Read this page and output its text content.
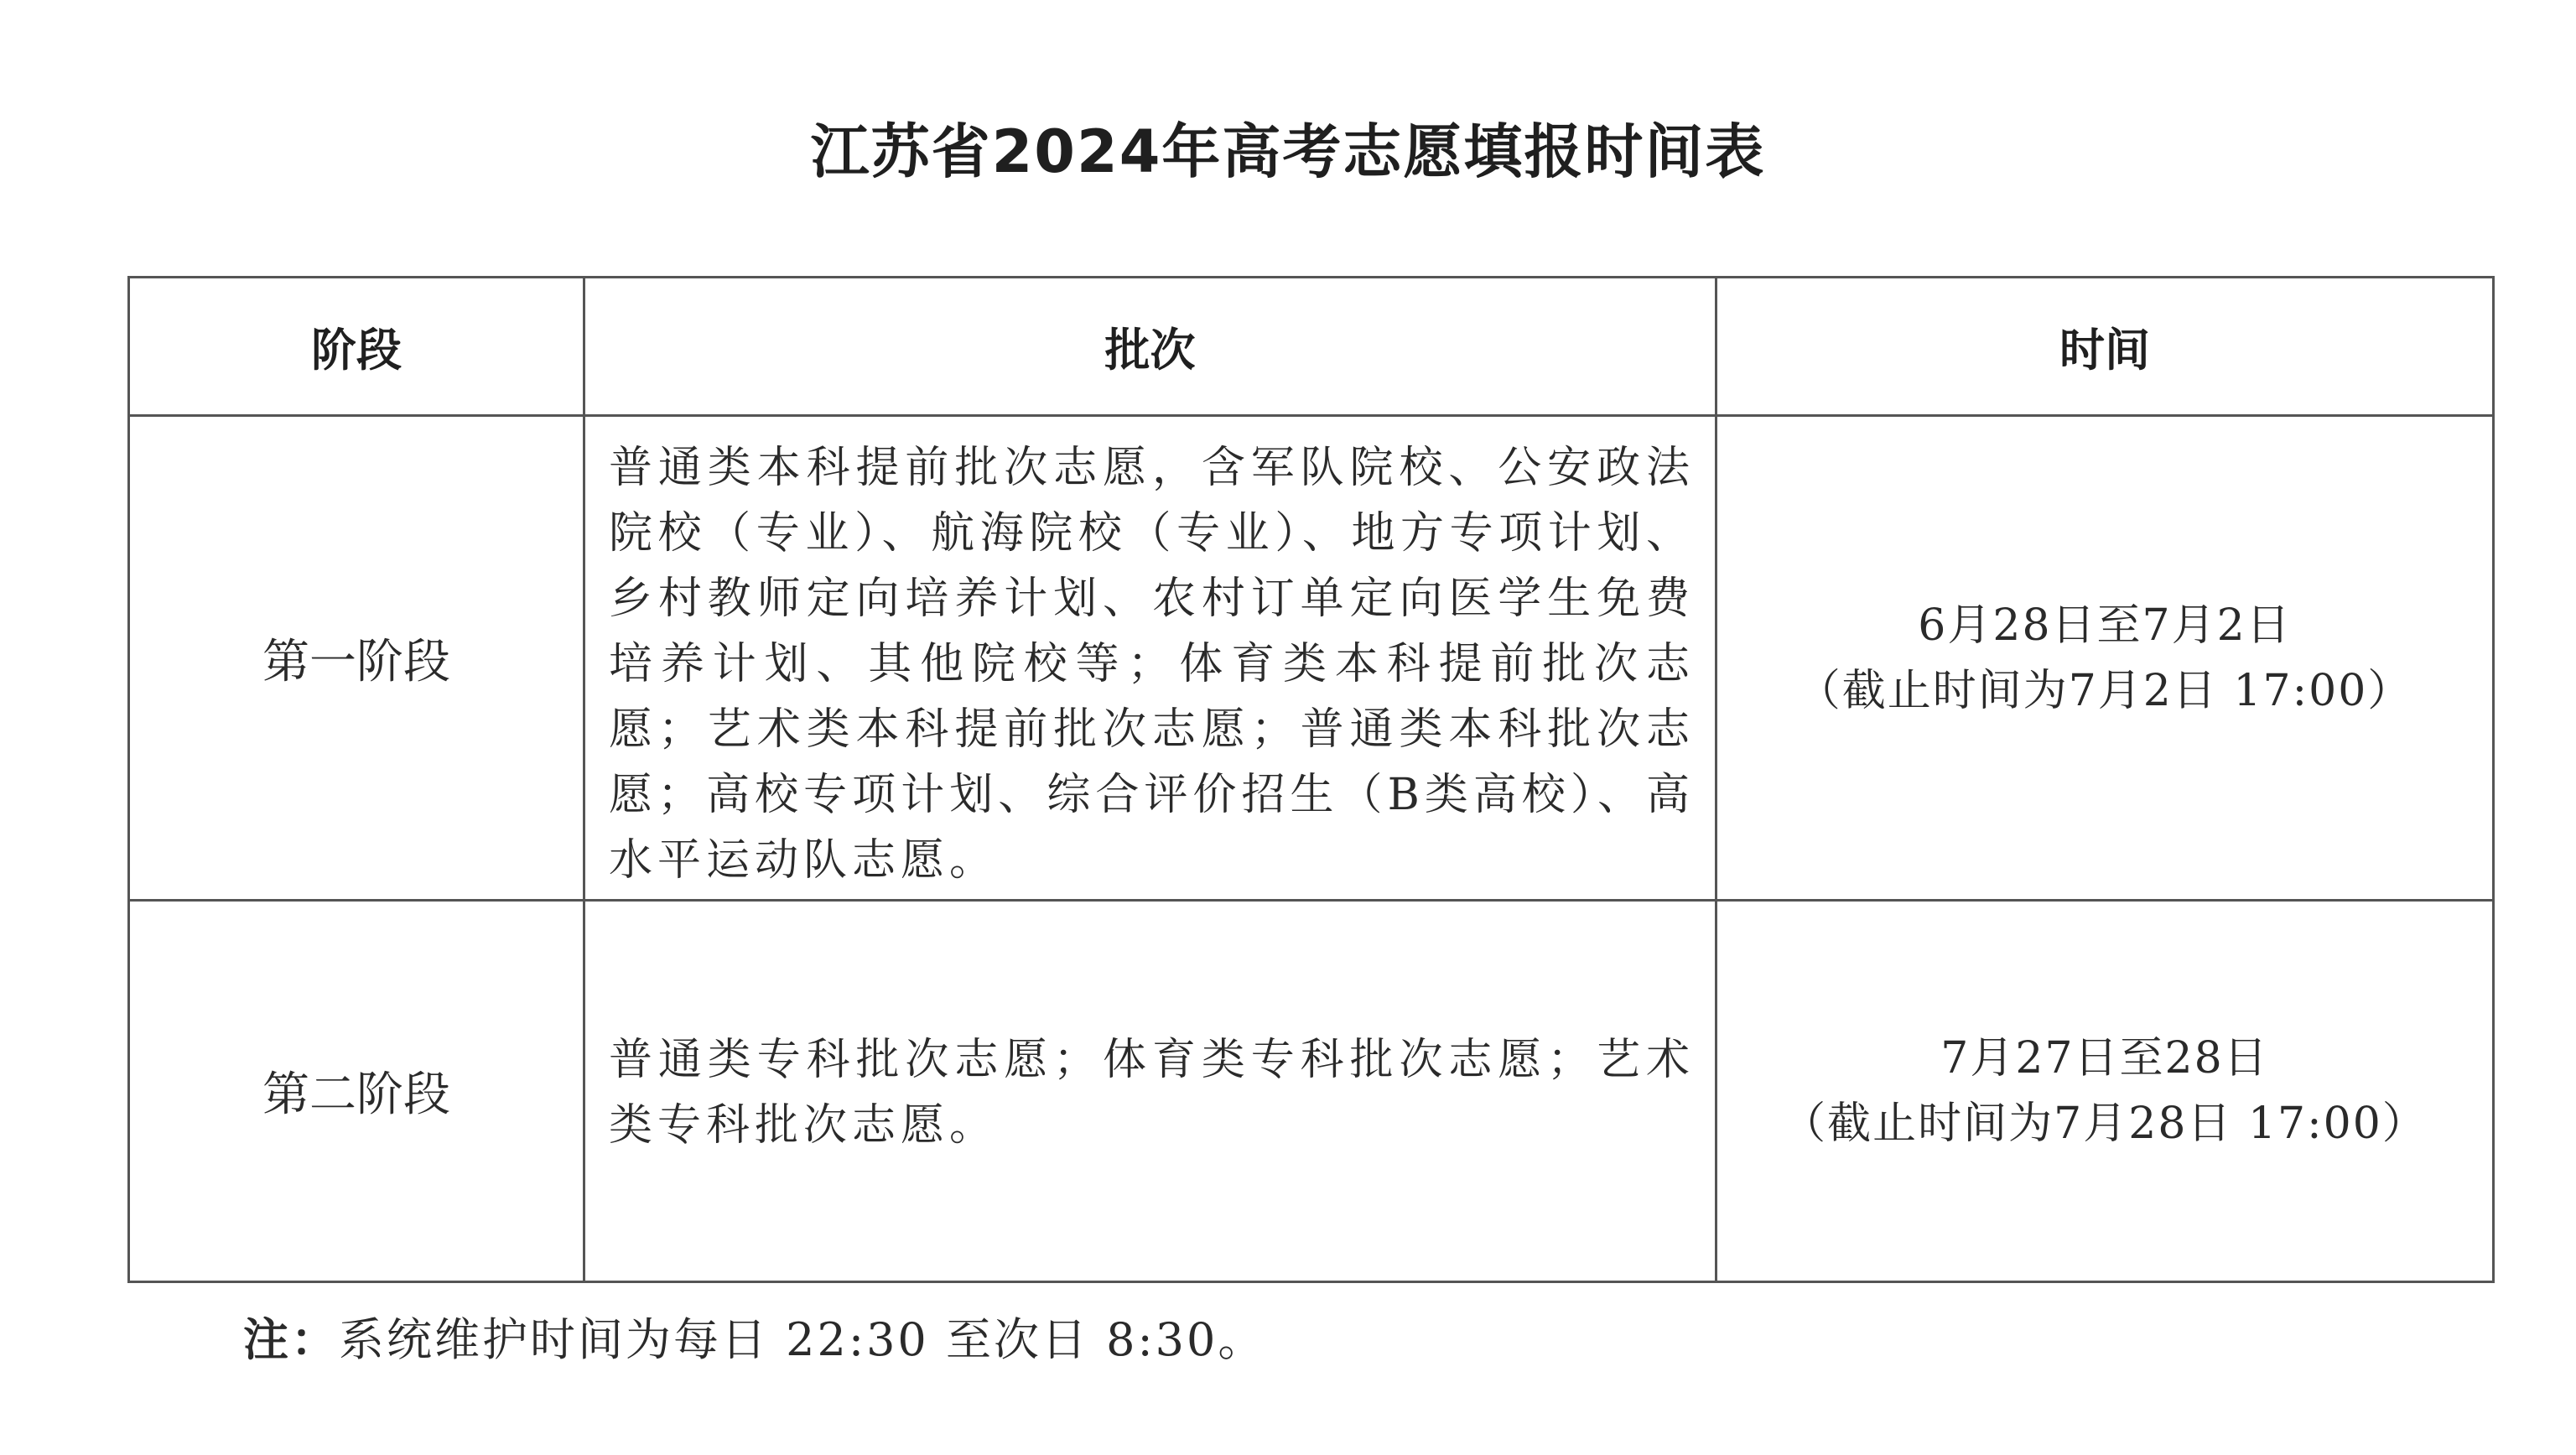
江苏省2024年高考志愿填报时间表
阶段	批次	时间
第一阶段	普通类本科提前批次志愿，含军队院校、公安政法院校（专业）、航海院校（专业）、地方专项计划、乡村教师定向培养计划、农村订单定向医学生免费培养计划、其他院校等；体育类本科提前批次志愿；艺术类本科提前批次志愿；普通类本科批次志愿；高校专项计划、综合评价招生（B类高校）、高水平运动队志愿。	6月28日至7月2日
（截止时间为7月2日 17:00）

第二阶段	普通类专科批次志愿；体育类专科批次志愿；艺术类专科批次志愿。	7月27日至28日
（截止时间为7月28日 17:00）
注：系统维护时间为每日 22:30 至次日 8:30。
